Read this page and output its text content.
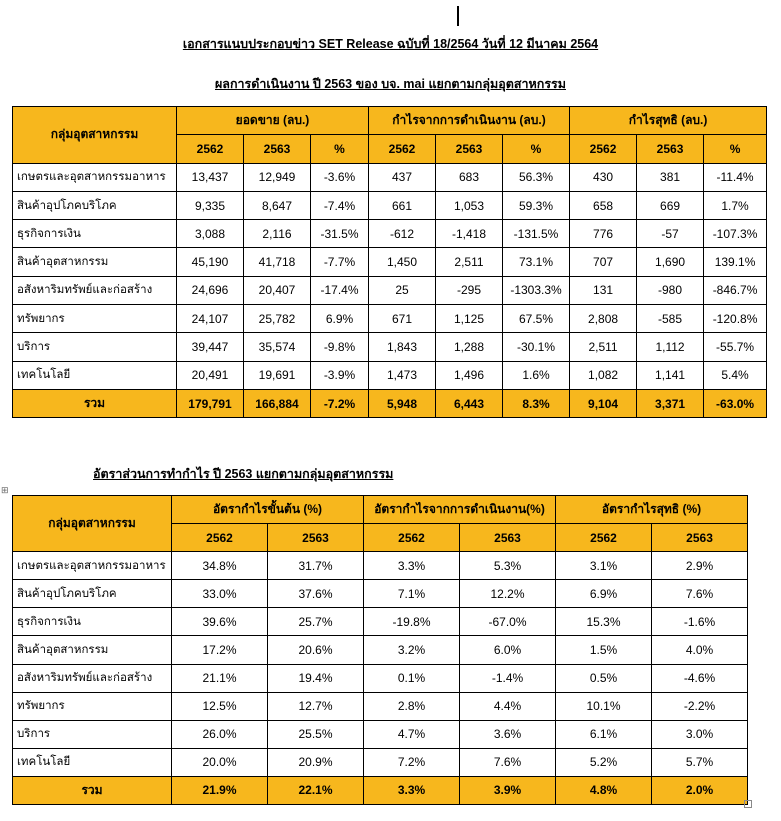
เอกสารแนบประกอบข่าว SET Release ฉบับที่ 18/2564 วันที่ 12 มีนาคม 2564
ผลการดำเนินงาน ปี 2563 ของ บจ. mai แยกตามกลุ่มอุตสาหกรรม
กลุ่มอุตสาหกรรม	ยอดขาย (ลบ.)			กำไรจากการดำเนินงาน (ลบ.)			กำไรสุทธิ (ลบ.)		
	2562	2563	%	2562	2563	%	2562	2563	%
เกษตรและอุตสาหกรรมอาหาร	13,437	12,949	-3.6%	437	683	56.3%	430	381	-11.4%
สินค้าอุปโภคบริโภค	9,335	8,647	-7.4%	661	1,053	59.3%	658	669	1.7%
ธุรกิจการเงิน	3,088	2,116	-31.5%	-612	-1,418	-131.5%	776	-57	-107.3%
สินค้าอุตสาหกรรม	45,190	41,718	-7.7%	1,450	2,511	73.1%	707	1,690	139.1%
อสังหาริมทรัพย์และก่อสร้าง	24,696	20,407	-17.4%	25	-295	-1303.3%	131	-980	-846.7%
ทรัพยากร	24,107	25,782	6.9%	671	1,125	67.5%	2,808	-585	-120.8%
บริการ	39,447	35,574	-9.8%	1,843	1,288	-30.1%	2,511	1,112	-55.7%
เทคโนโลยี	20,491	19,691	-3.9%	1,473	1,496	1.6%	1,082	1,141	5.4%
รวม	179,791	166,884	-7.2%	5,948	6,443	8.3%	9,104	3,371	-63.0%
⊞
อัตราส่วนการทำกำไร ปี 2563 แยกตามกลุ่มอุตสาหกรรม
กลุ่มอุตสาหกรรม	อัตรากำไรขั้นต้น (%)		อัตรากำไรจากการดำเนินงาน(%)		อัตรากำไรสุทธิ (%)	
	2562	2563	2562	2563	2562	2563
เกษตรและอุตสาหกรรมอาหาร	34.8%	31.7%	3.3%	5.3%	3.1%	2.9%
สินค้าอุปโภคบริโภค	33.0%	37.6%	7.1%	12.2%	6.9%	7.6%
ธุรกิจการเงิน	39.6%	25.7%	-19.8%	-67.0%	15.3%	-1.6%
สินค้าอุตสาหกรรม	17.2%	20.6%	3.2%	6.0%	1.5%	4.0%
อสังหาริมทรัพย์และก่อสร้าง	21.1%	19.4%	0.1%	-1.4%	0.5%	-4.6%
ทรัพยากร	12.5%	12.7%	2.8%	4.4%	10.1%	-2.2%
บริการ	26.0%	25.5%	4.7%	3.6%	6.1%	3.0%
เทคโนโลยี	20.0%	20.9%	7.2%	7.6%	5.2%	5.7%
รวม	21.9%	22.1%	3.3%	3.9%	4.8%	2.0%
